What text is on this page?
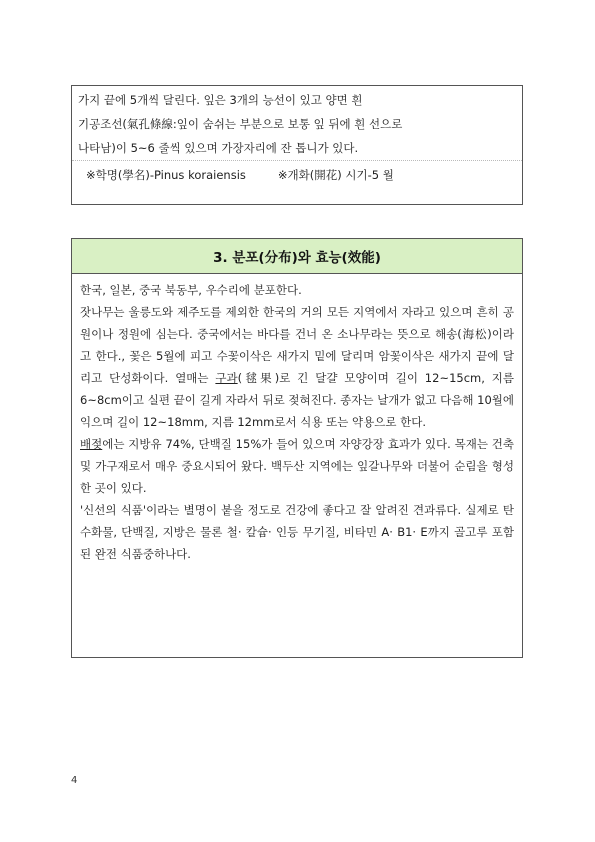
가지 끝에 5개씩 달린다. 잎은 3개의 능선이 있고 양면 흰
기공조선(氣孔條線:잎이 숨쉬는 부분으로 보통 잎 뒤에 흰 선으로
나타남)이 5~6 줄씩 있으며 가장자리에 잔 톱니가 있다.
※학명(學名)-Pinus koraiensis	※개화(開花) 시기-5 월
3. 분포(分布)와 효능(效能)

한국, 일본, 중국 북동부, 우수리에 분포한다.

잣나무는 울릉도와 제주도를 제외한 한국의 거의 모든 지역에서 자라고 있으며 흔히 공원이나 정원에 심는다. 중국에서는 바다를 건너 온 소나무라는 뜻으로 해송(海松)이라고 한다., 꽃은 5월에 피고 수꽃이삭은 새가지 밑에 달리며 암꽃이삭은 새가지 끝에 달리고 단성화이다. 열매는 구과(毬果)로 긴 달걀 모양이며 길이 12~15cm, 지름 6~8cm이고 실편 끝이 길게 자라서 뒤로 젖혀진다. 종자는 날개가 없고 다음해 10월에 익으며 길이 12~18mm, 지름 12mm로서 식용 또는 약용으로 한다.

배젖에는 지방유 74%, 단백질 15%가 들어 있으며 자양강장 효과가 있다. 목재는 건축 및 가구재로서 매우 중요시되어 왔다. 백두산 지역에는 잎갈나무와 더불어 순림을 형성한 곳이 있다.

'신선의 식품'이라는 별명이 붙을 정도로 건강에 좋다고 잘 알려진 견과류다. 실제로 탄수화물, 단백질, 지방은 물론 철· 칼슘· 인등 무기질, 비타민 A· B1· E까지 골고루 포함된 완전 식품중하나다.

4
